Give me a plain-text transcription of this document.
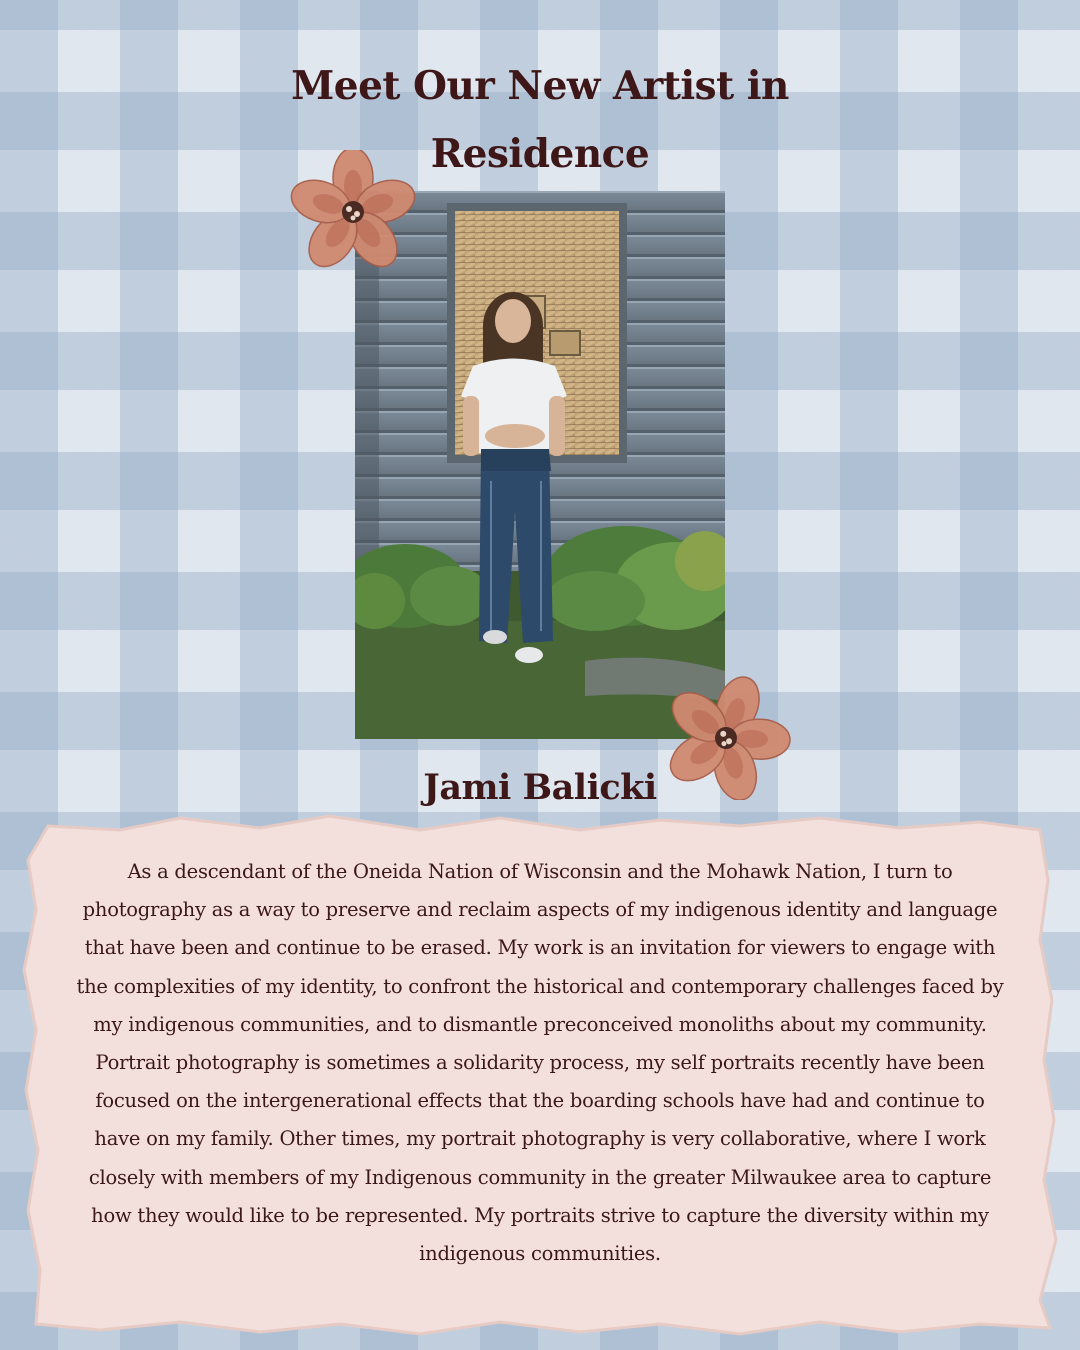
Meet Our New Artist in Residence
Jami Balicki

As a descendant of the Oneida Nation of Wisconsin and the Mohawk Nation, I turn to photography as a way to preserve and reclaim aspects of my indigenous identity and language that have been and continue to be erased. My work is an invitation for viewers to engage with the complexities of my identity, to confront the historical and contemporary challenges faced by my indigenous communities, and to dismantle preconceived monoliths about my community. Portrait photography is sometimes a solidarity process, my self portraits recently have been focused on the intergenerational effects that the boarding schools have had and continue to have on my family. Other times, my portrait photography is very collaborative, where I work closely with members of my Indigenous community in the greater Milwaukee area to capture how they would like to be represented. My portraits strive to capture the diversity within my indigenous communities.
